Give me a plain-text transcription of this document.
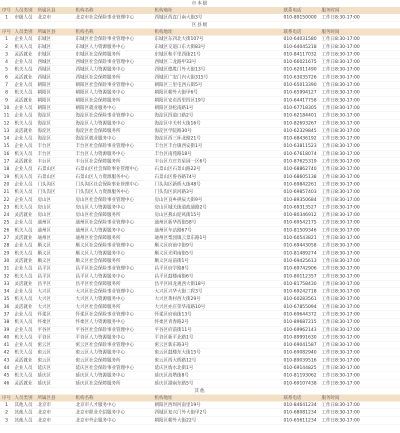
市本级
序号 人员类别 所属区县	机构名称	机构地址	联系电话	服务时间
1 市级人员 北京市	北京市社会保险事业管理中心	西城区西直门南大街3号	010-89150000 工作日8:30-17:00
区县级
序号 人员类别 所属区县	机构名称	机构地址	联系电话	服务时间
1 企业人员 东城区	东城区社会保险事业管理中心	东城区东四北大街107号	010-64031580 工作日8:30-17:00
2 机关人员 东城区	东城区人力资源服务中心	东城区交道口东大街83号	010-64045218 工作日8:30-17:00
3 灵活就业 东城区	东城区社会保障服务所	东城区和平里西街21号	010-84117032 工作日8:30-17:00
4 企业人员 西城区	西城区社会保险事业管理中心	西城区二龙路甲33号	010-66021675 工作日8:30-17:00
5 机关人员 西城区	西城区人力资源服务中心	西城区德胜门外大街13号	010-62011490 工作日8:30-17:00
6 灵活就业 西城区	西城区社会保障服务所	西城区广安门内大街315号	010-63035726 工作日8:30-17:00
7 企业人员 朝阳区	朝阳区社会保险事业管理中心	朝阳区三里屯西五街5号	010-65013390 工作日8:30-17:00
8 机关人员 朝阳区	朝阳区人力资源服务中心	朝阳区朝外大街甲6号	010-65994127 工作日8:30-17:00
9 灵活就业 朝阳区	朝阳区社会保障服务所	朝阳区安贞西里四区19号	010-64417758 工作日8:30-17:00
10 企业人员 朝阳区	朝阳区就业服务中心	朝阳区劲松南路1号	010-67718305 工作日8:30-17:00
11 企业人员 海淀区	海淀区社会保险事业管理中心	海淀区四道口路2号	010-62184401 工作日8:30-17:00
12 机关人员 海淀区	海淀区人力资源服务中心	海淀区中关村大街16号	010-82693267 工作日8:30-17:00
13 灵活就业 海淀区	海淀区社会保障服务所	海淀区学院路30号	010-62329845 工作日8:30-17:00
14 企业人员 海淀区	海淀区就业服务中心	海淀区西三环北路21号	010-68436192 工作日8:30-17:00
15 企业人员 丰台区	丰台区社会保险事业管理中心	丰台区丰台镇西安街1号	010-63811523 工作日8:30-17:00
16 机关人员 丰台区	丰台区人力资源服务中心	丰台区南苑路18号	010-67618074 工作日8:30-17:00
17 灵活就业 丰台区	丰台区社会保障服务所	丰台区方庄芳星园一区6号	010-87625319 工作日8:30-17:00
18 企业人员 石景山区	石景山区社会保险事业管理中心	石景山区石景山路22号	010-68862740 工作日8:30-17:00
19 机关人员 石景山区	石景山区人力资源服务中心	石景山区鲁谷路74号	010-68605138 工作日8:30-17:00
20 企业人员 门头沟区	门头沟区社会保险事业管理中心	门头沟区新桥大街48号	010-69842261 工作日8:30-17:00
21 机关人员 门头沟区	门头沟区人力资源服务中心	门头沟区滨河路3号	010-69857403 工作日8:30-17:00
22 企业人员 房山区	房山区社会保险事业管理中心	房山区良乡拱辰大街9号	010-89350684 工作日8:30-17:00
23 机关人员 房山区	房山区人力资源服务中心	房山区城关街道政通路2号	010-69313527 工作日8:30-17:00
24 灵活就业 房山区	房山区社会保障服务所	房山区燕山迎风街15号	010-80346912 工作日8:30-17:00
25 企业人员 通州区	通州区社会保险事业管理中心	通州区新华西街58号	010-69542175 工作日8:30-17:00
26 机关人员 通州区	通州区人力资源服务中心	通州区车站路67号	010-81509346 工作日8:30-17:00
27 灵活就业 通州区	通州区社会保障服务所	通州区梨园镇云景东路1号	010-60543821 工作日8:30-17:00
28 企业人员 顺义区	顺义区社会保险事业管理中心	顺义区府前中街9号	010-69443058 工作日8:30-17:00
29 机关人员 顺义区	顺义区人力资源服务中心	顺义区光明南街5号	010-81489274 工作日8:30-17:00
30 灵活就业 顺义区	顺义区社会保障服务所	顺义区站前街1号	010-69425613 工作日8:30-17:00
31 企业人员 昌平区	昌平区社会保险事业管理中心	昌平区府学路8号	010-69742906 工作日8:30-17:00
32 机关人员 昌平区	昌平区人力资源服务中心	昌平区鼓楼南街6号	010-80112357 工作日8:30-17:00
33 灵活就业 昌平区	昌平区社会保障服务所	昌平区回龙观西大街18号	010-81758430 工作日8:30-17:00
34 企业人员 大兴区	大兴区社会保险事业管理中心	大兴区兴华大街二段3号	010-69242718 工作日8:30-17:00
35 机关人员 大兴区	大兴区人力资源服务中心	大兴区黄村西大街29号	010-60283561 工作日8:30-17:00
36 灵活就业 大兴区	大兴区社会保障服务所	大兴区亦庄荣华南路10号	010-67855094 工作日8:30-17:00
37 企业人员 怀柔区	怀柔区社会保险事业管理中心	怀柔区府前街13号	010-69644372 工作日8:30-17:00
38 机关人员 怀柔区	怀柔区人力资源服务中心	怀柔区青春路2号	010-89687215 工作日8:30-17:00
39 企业人员 平谷区	平谷区社会保险事业管理中心	平谷区府前街11号	010-69962143 工作日8:30-17:00
40 机关人员 平谷区	平谷区人力资源服务中心	平谷区新平北路1号	010-89991630 工作日8:30-17:00
41 企业人员 密云区	密云区社会保险事业管理中心	密云区新东路3号	010-69041587 工作日8:30-17:00
42 机关人员 密云区	密云区人力资源服务中心	密云区鼓楼东大街15号	010-69082940 工作日8:30-17:00
43 灵活就业 密云区	密云区社会保障服务所	密云区西大桥路12号	010-89039516 工作日8:30-17:00
44 企业人员 延庆区	延庆区社会保险事业管理中心	延庆区妫水北街1号	010-69144825 工作日8:30-17:00
45 机关人员 延庆区	延庆区人力资源服务中心	延庆区高塔街8号	010-81193062 工作日8:30-17:00
46 灵活就业 延庆区	延庆区社会保障服务所	延庆区湖南东路5号	010-69107438 工作日8:30-17:00
其他
序号 人员类别 所属区县	机构名称	机构地址	联系电话	服务时间
1 其他人员 北京市	北京市人才服务中心	朝阳区西坝河南里19号	010-84641234 工作日8:30-17:00
2 其他人员 北京市	北京市职业介绍服务中心	西城区复兴门外大街甲2号	010-68081234 工作日8:30-17:00
3 其他人员 北京市	北京市外企服务中心	朝阳区朝外大街22号	010-65611234 工作日8:30-17:00
